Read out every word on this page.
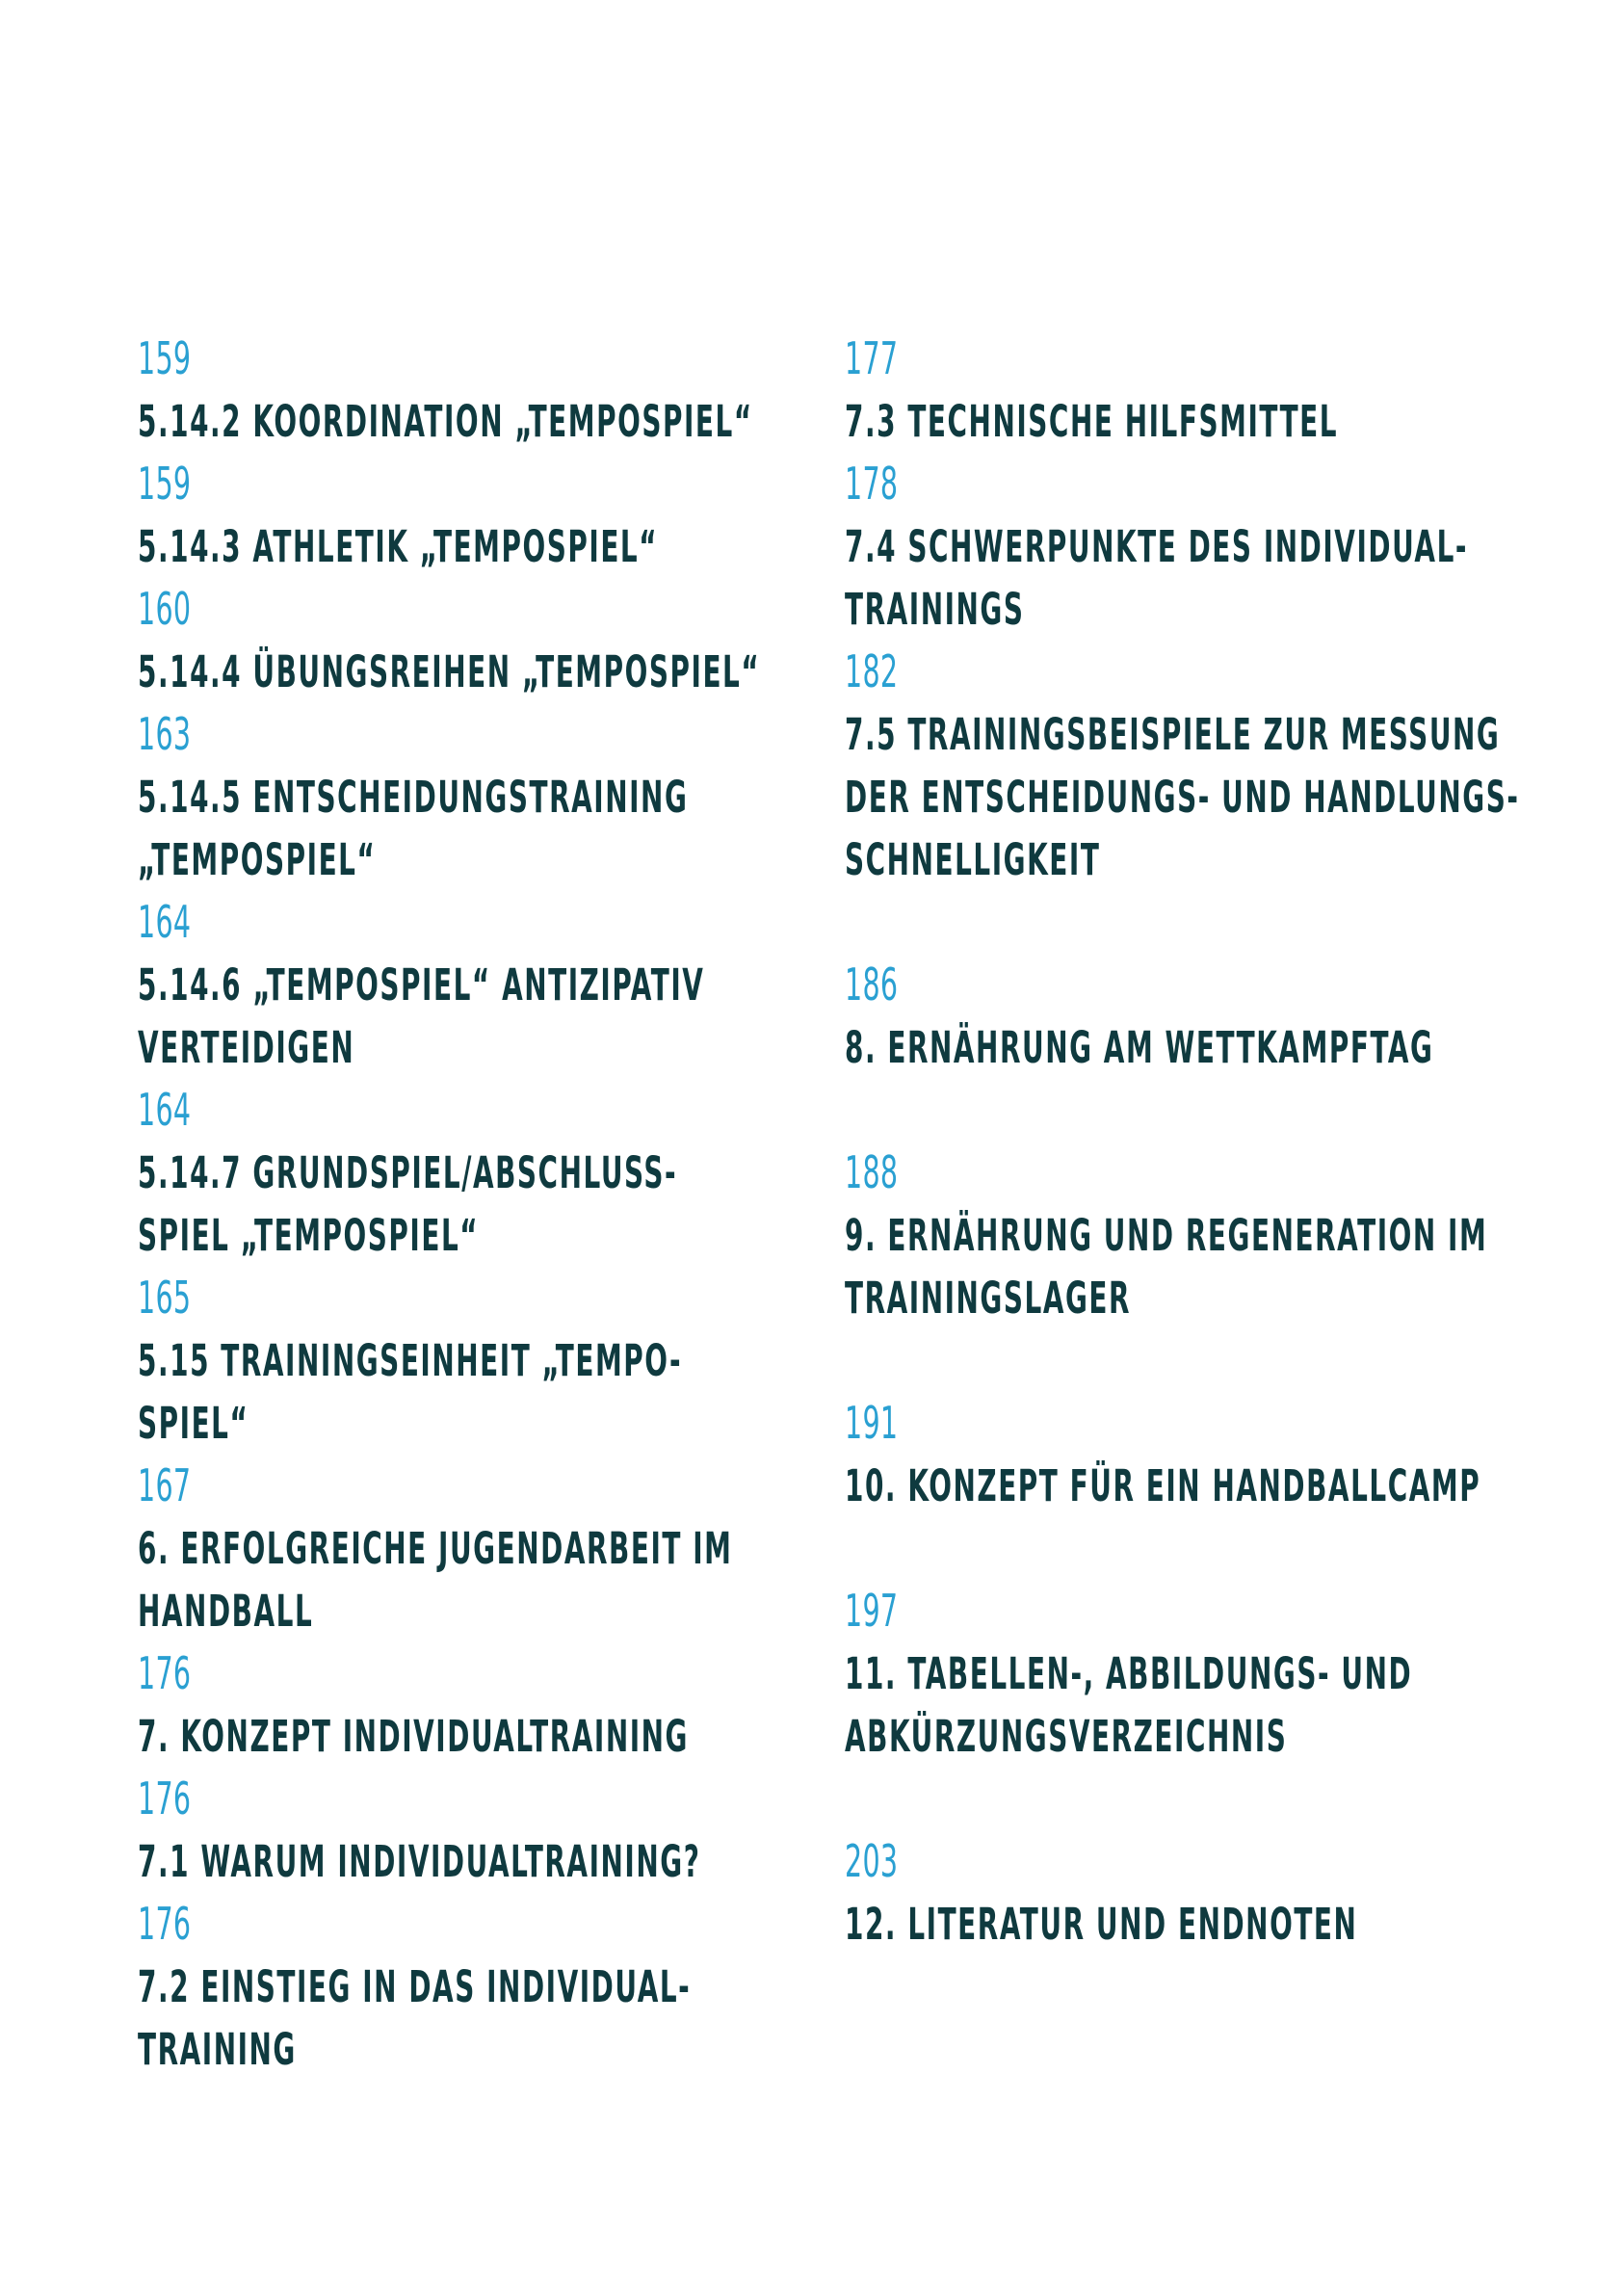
159
5.14.2 KOORDINATION „TEMPOSPIEL“
159
5.14.3 ATHLETIK „TEMPOSPIEL“
160
5.14.4 ÜBUNGSREIHEN „TEMPOSPIEL“
163
5.14.5 ENTSCHEIDUNGSTRAINING
„TEMPOSPIEL“
164
5.14.6 „TEMPOSPIEL“ ANTIZIPATIV
VERTEIDIGEN
164
5.14.7 GRUNDSPIEL/ABSCHLUSS-
SPIEL „TEMPOSPIEL“
165
5.15 TRAININGSEINHEIT „TEMPO-
SPIEL“
167
6. ERFOLGREICHE JUGENDARBEIT IM
HANDBALL
176
7. KONZEPT INDIVIDUALTRAINING
176
7.1 WARUM INDIVIDUALTRAINING?
176
7.2 EINSTIEG IN DAS INDIVIDUAL-
TRAINING
177
7.3 TECHNISCHE HILFSMITTEL
178
7.4 SCHWERPUNKTE DES INDIVIDUAL-
TRAININGS
182
7.5 TRAININGSBEISPIELE ZUR MESSUNG
DER ENTSCHEIDUNGS- UND HANDLUNGS-
SCHNELLIGKEIT
186
8. ERNÄHRUNG AM WETTKAMPFTAG
188
9. ERNÄHRUNG UND REGENERATION IM
TRAININGSLAGER
191
10. KONZEPT FÜR EIN HANDBALLCAMP
197
11. TABELLEN-, ABBILDUNGS- UND
ABKÜRZUNGSVERZEICHNIS
203
12. LITERATUR UND ENDNOTEN
